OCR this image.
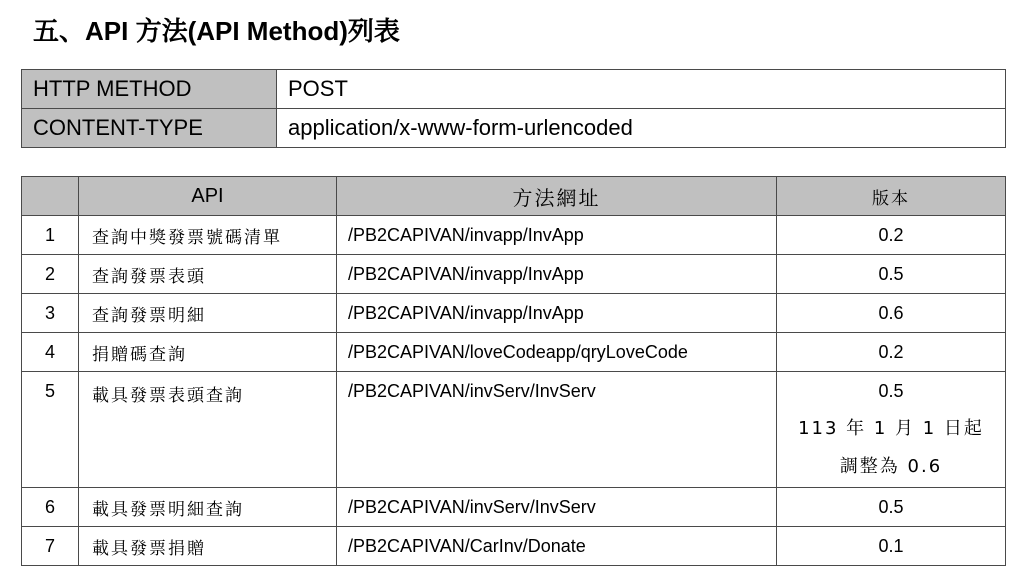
五、API 方法(API Method)列表
HTTP METHOD	POST
CONTENT-TYPE	application/x-www-form-urlencoded
	API	方法網址	版本
1	查詢中獎發票號碼清單	/PB2CAPIVAN/invapp/InvApp	0.2
2	查詢發票表頭	/PB2CAPIVAN/invapp/InvApp	0.5
3	查詢發票明細	/PB2CAPIVAN/invapp/InvApp	0.6
4	捐贈碼查詢	/PB2CAPIVAN/loveCodeapp/qryLoveCode	0.2
5	載具發票表頭查詢	/PB2CAPIVAN/invServ/InvServ	0.5
113 年 1 月 1 日起
調整為 0.6

6	載具發票明細查詢	/PB2CAPIVAN/invServ/InvServ	0.5
7	載具發票捐贈	/PB2CAPIVAN/CarInv/Donate	0.1
